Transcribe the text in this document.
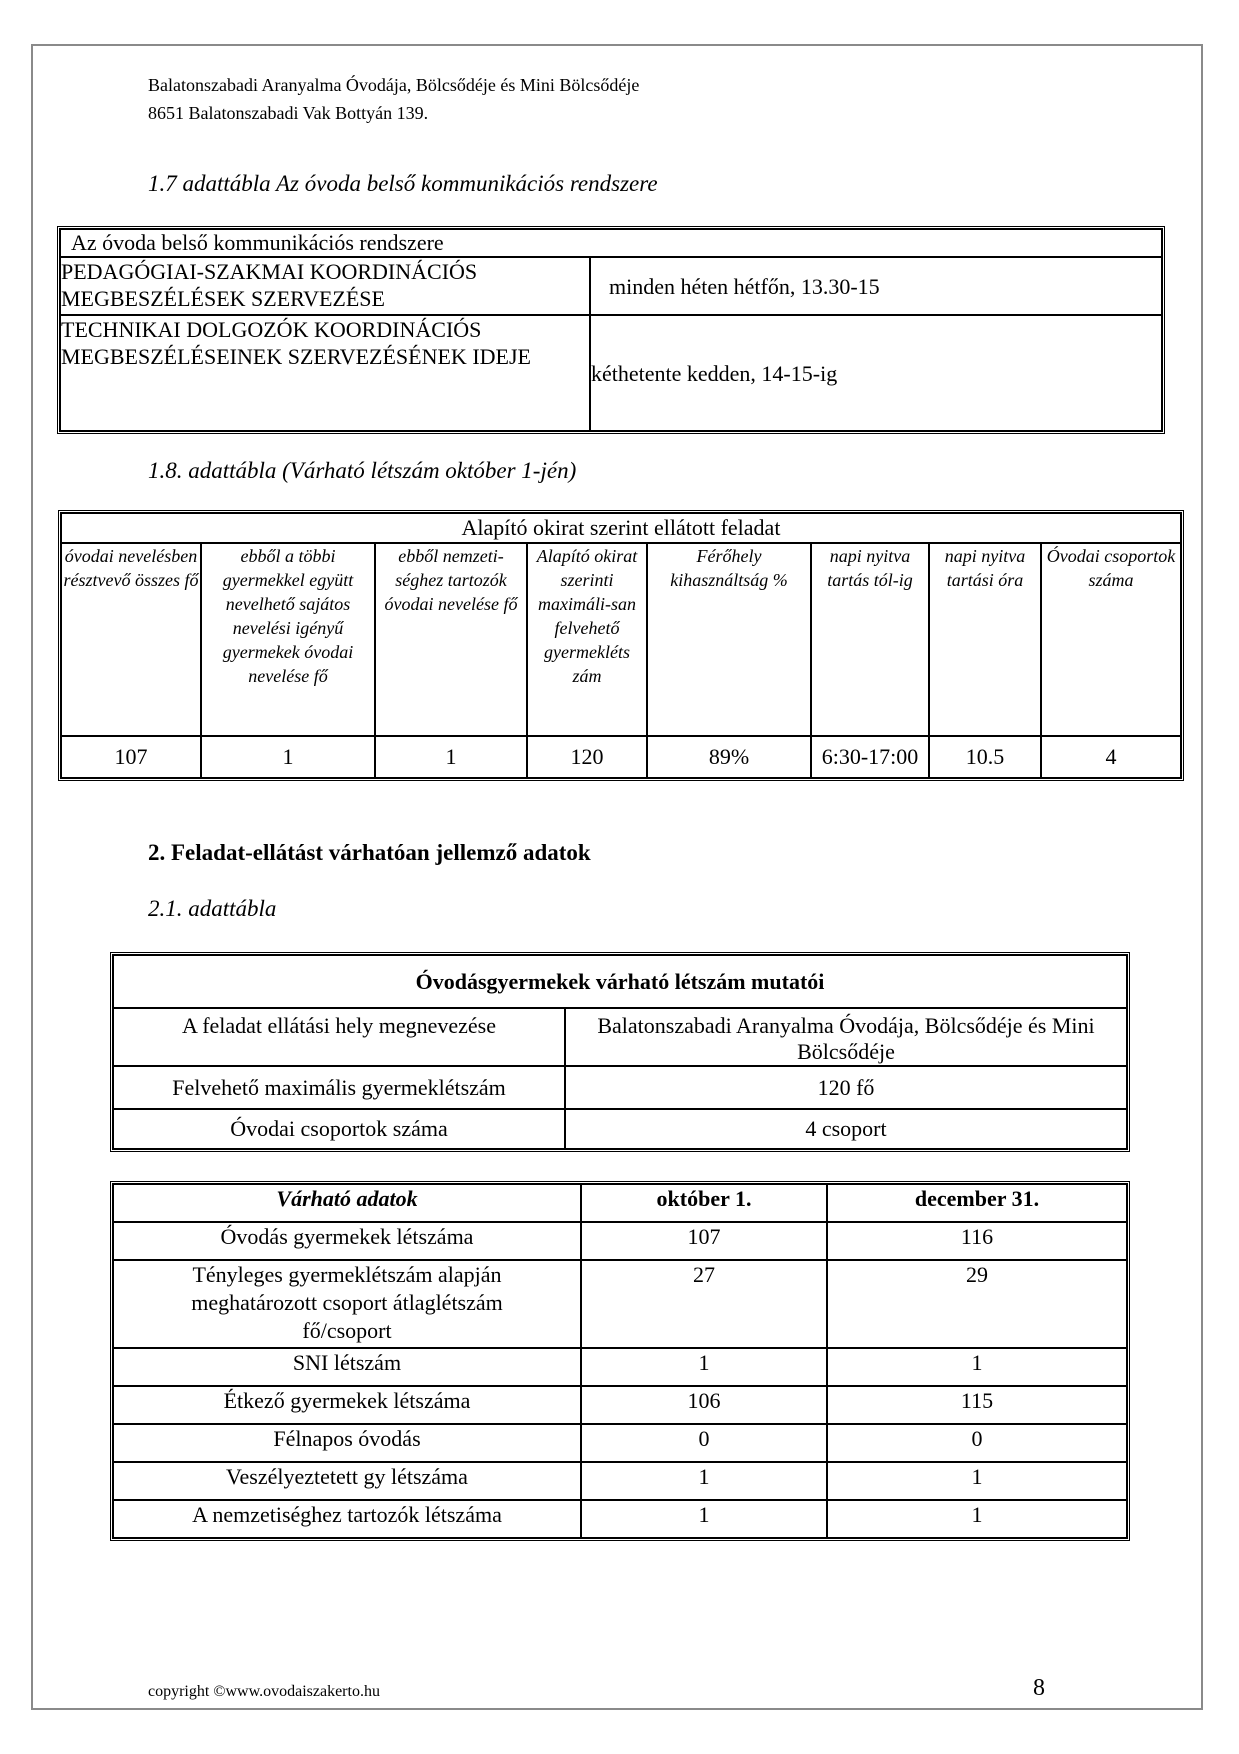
Balatonszabadi Aranyalma Óvodája, Bölcsődéje és Mini Bölcsődéje
8651 Balatonszabadi Vak Bottyán 139.
1.7 adattábla Az óvoda belső kommunikációs rendszere
Az óvoda belső kommunikációs rendszere	
PEDAGÓGIAI-SZAKMAI KOORDINÁCIÓS MEGBESZÉLÉSEK SZERVEZÉSE	minden héten hétfőn, 13.30-15
TECHNIKAI DOLGOZÓK KOORDINÁCIÓS MEGBESZÉLÉSEINEK SZERVEZÉSÉNEK IDEJE	kéthetente kedden, 14-15-ig
1.8. adattábla (Várható létszám október 1-jén)
Alapító okirat szerint ellátott feladat							
óvodai nevelésben résztvevő összes fő	ebből a többi gyermekkel együtt nevelhető sajátos nevelési igényű gyermekek óvodai nevelése fő	ebből nemzeti-séghez tartozók óvodai nevelése fő	Alapító okirat szerinti maximáli-san felvehető gyermekléts zám	Férőhely kihasználtság %	napi nyitva tartás tól-ig	napi nyitva tartási óra	Óvodai csoportok száma
107	1	1	120	89%	6:30-17:00	10.5	4
2. Feladat-ellátást várhatóan jellemző adatok
2.1. adattábla
Óvodásgyermekek várható létszám mutatói	
A feladat ellátási hely megnevezése	Balatonszabadi Aranyalma Óvodája, Bölcsődéje és Mini Bölcsődéje
Felvehető maximális gyermeklétszám	120 fő
Óvodai csoportok száma	4 csoport
Várható adatok	október 1.	december 31.
Óvodás gyermekek létszáma	107	116
Tényleges gyermeklétszám alapján meghatározott csoport átlaglétszám fő/csoport	27	29
SNI létszám	1	1
Étkező gyermekek létszáma	106	115
Félnapos óvodás	0	0
Veszélyeztetett gy létszáma	1	1
A nemzetiséghez tartozók létszáma	1	1
copyright ©www.ovodaiszakerto.hu	8
